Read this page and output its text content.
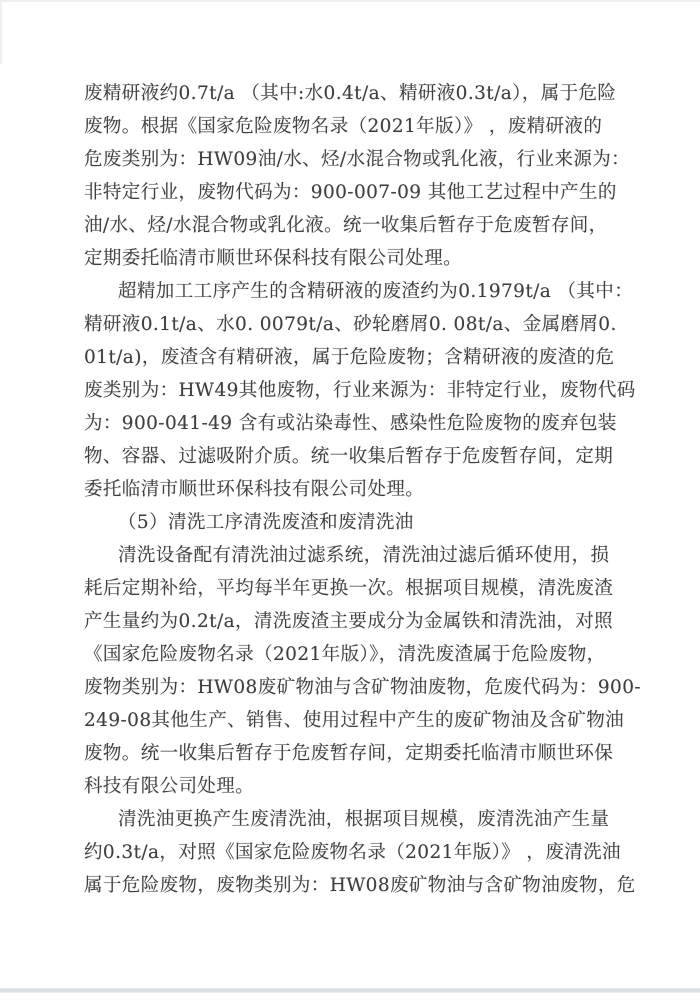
废精研液约0.7t/a （其中:水0.4t/a、精研液0.3t/a），属于危险
废物。根据《国家危险废物名录（2021年版）》 ，废精研液的
危废类别为：HW09油/水、烃/水混合物或乳化液，行业来源为：
非特定行业，废物代码为：900-007-09 其他工艺过程中产生的
油/水、烃/水混合物或乳化液。统一收集后暂存于危废暂存间，
定期委托临清市顺世环保科技有限公司处理。
超精加工工序产生的含精研液的废渣约为0.1979t/a （其中：
精研液0.1t/a、水0. 0079t/a、砂轮磨屑0. 08t/a、金属磨屑0.
01t/a)，废渣含有精研液，属于危险废物；含精研液的废渣的危
废类别为：HW49其他废物，行业来源为：非特定行业，废物代码
为：900-041-49 含有或沾染毒性、感染性危险废物的废弃包装
物、容器、过滤吸附介质。统一收集后暂存于危废暂存间，定期
委托临清市顺世环保科技有限公司处理。
（5）清洗工序清洗废渣和废清洗油
清洗设备配有清洗油过滤系统，清洗油过滤后循环使用，损
耗后定期补给，平均每半年更换一次。根据项目规模，清洗废渣
产生量约为0.2t/a，清洗废渣主要成分为金属铁和清洗油，对照
《国家危险废物名录（2021年版）》，清洗废渣属于危险废物，
废物类别为：HW08废矿物油与含矿物油废物，危废代码为：900-
249-08其他生产、销售、使用过程中产生的废矿物油及含矿物油
废物。统一收集后暂存于危废暂存间，定期委托临清市顺世环保
科技有限公司处理。
清洗油更换产生废清洗油，根据项目规模，废清洗油产生量
约0.3t/a，对照《国家危险废物名录（2021年版）》 ，废清洗油
属于危险废物，废物类别为：HW08废矿物油与含矿物油废物，危
